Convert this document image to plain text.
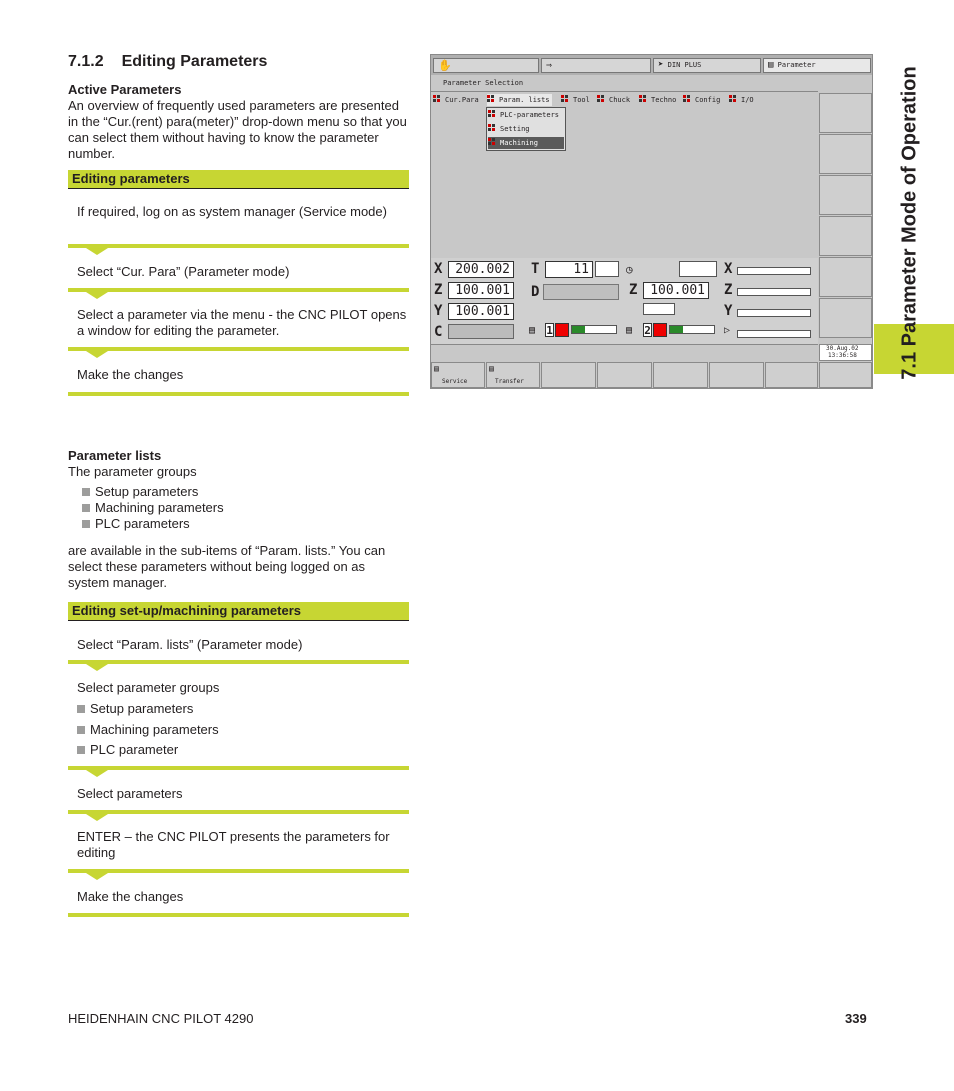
7.1.2 Editing Parameters
Active Parameters
An overview of frequently used parameters are presented in the “Cur.(rent) para(meter)” drop-down menu so that you can select them without having to know the parameter number.
Editing parameters
If required, log on as system manager (Service mode)
Select “Cur. Para” (Parameter mode)
Select a parameter via the menu - the CNC PILOT opens a window for editing the parameter.
Make the changes
Parameter lists
The parameter groups
Setup parameters
Machining parameters
PLC parameters
are available in the sub-items of “Param. lists.” You can select these parameters without being logged on as system manager.
Editing set-up/machining parameters
Select “Param. lists” (Parameter mode)
Select parameter groups
Setup parameters
Machining parameters
PLC parameter
Select parameters
ENTER – the CNC PILOT presents the parameters for editing
Make the changes
7.1 Parameter Mode of Operation
✋	⇒	➤ DIN PLUS	▤ Parameter
Parameter Selection
Cur.Para	Param. lists	Tool	Chuck	Techno	Config	I/O
PLC-parameters
Setting
Machining
X 200.002
Z 100.001
Y 100.001
C
T	11
D
◷
Z 100.001
X
Z
Y
▤ 1	▤ 2	▷
30.Aug.02
13:36:58
▤
Service
▤
Transfer
HEIDENHAIN CNC PILOT 4290	339
